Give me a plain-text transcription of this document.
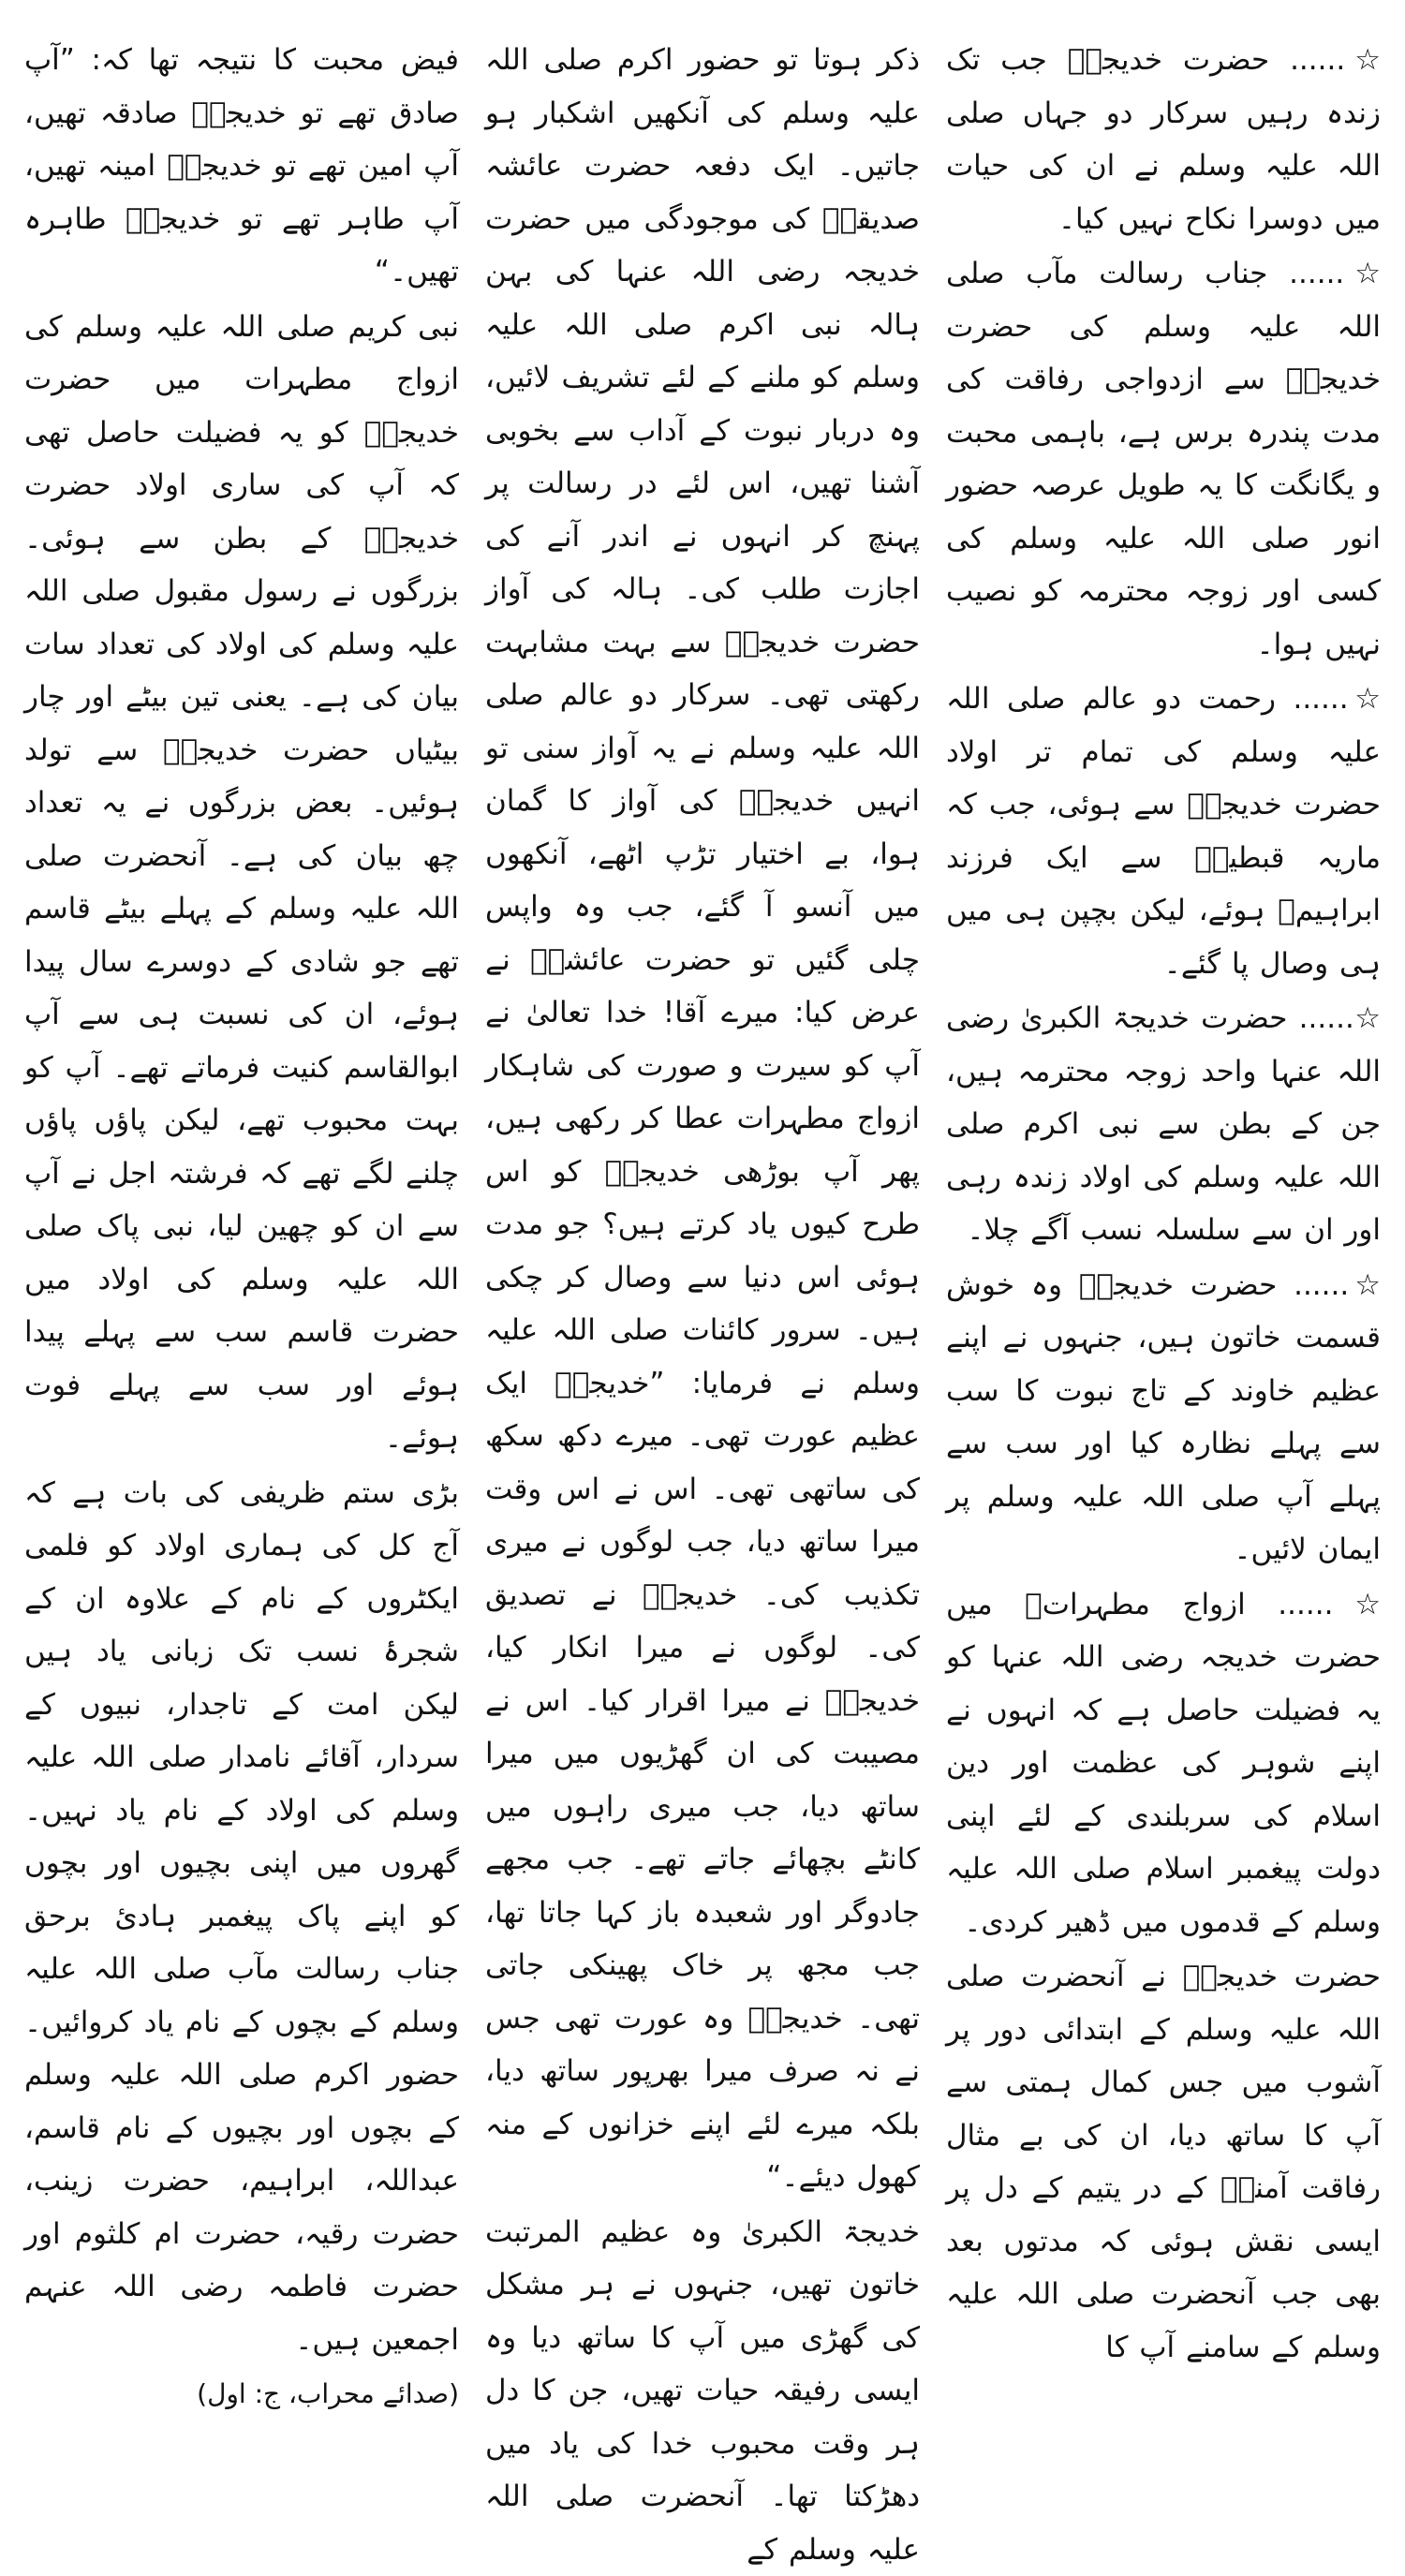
☆...... حضرت خدیجہؓ جب تک زندہ رہیں سرکار دو جہاں صلی اللہ علیہ وسلم نے ان کی حیات میں دوسرا نکاح نہیں کیا۔

☆...... جناب رسالت مآب صلی اللہ علیہ وسلم کی حضرت خدیجہؓ سے ازدواجی رفاقت کی مدت پندرہ برس ہے، باہمی محبت و یگانگت کا یہ طویل عرصہ حضور انور صلی اللہ علیہ وسلم کی کسی اور زوجہ محترمہ کو نصیب نہیں ہوا۔

☆...... رحمت دو عالم صلی اللہ علیہ وسلم کی تمام تر اولاد حضرت خدیجہؓ سے ہوئی، جب کہ ماریہ قبطیہؓ سے ایک فرزند ابراہیمؓ ہوئے، لیکن بچپن ہی میں ہی وصال پا گئے۔

☆...... حضرت خدیجۃ الکبریٰ رضی اللہ عنہا واحد زوجہ محترمہ ہیں، جن کے بطن سے نبی اکرم صلی اللہ علیہ وسلم کی اولاد زندہ رہی اور ان سے سلسلہ نسب آگے چلا۔

☆...... حضرت خدیجہؓ وہ خوش قسمت خاتون ہیں، جنہوں نے اپنے عظیم خاوند کے تاج نبوت کا سب سے پہلے نظارہ کیا اور سب سے پہلے آپ صلی اللہ علیہ وسلم پر ایمان لائیں۔

☆...... ازواج مطہراتؓ میں حضرت خدیجہ رضی اللہ عنہا کو یہ فضیلت حاصل ہے کہ انہوں نے اپنے شوہر کی عظمت اور دین اسلام کی سربلندی کے لئے اپنی دولت پیغمبر اسلام صلی اللہ علیہ وسلم کے قدموں میں ڈھیر کردی۔

حضرت خدیجہؓ نے آنحضرت صلی اللہ علیہ وسلم کے ابتدائی دور پر آشوب میں جس کمال ہمتی سے آپ کا ساتھ دیا، ان کی بے مثال رفاقت آمنہؓ کے در یتیم کے دل پر ایسی نقش ہوئی کہ مدتوں بعد بھی جب آنحضرت صلی اللہ علیہ وسلم کے سامنے آپ کا

ذکر ہوتا تو حضور اکرم صلی اللہ علیہ وسلم کی آنکھیں اشکبار ہو جاتیں۔ ایک دفعہ حضرت عائشہ صدیقہؓ کی موجودگی میں حضرت خدیجہ رضی اللہ عنہا کی بہن ہالہ نبی اکرم صلی اللہ علیہ وسلم کو ملنے کے لئے تشریف لائیں، وہ دربار نبوت کے آداب سے بخوبی آشنا تھیں، اس لئے در رسالت پر پہنچ کر انہوں نے اندر آنے کی اجازت طلب کی۔ ہالہ کی آواز حضرت خدیجہؓ سے بہت مشابہت رکھتی تھی۔ سرکار دو عالم صلی اللہ علیہ وسلم نے یہ آواز سنی تو انہیں خدیجہؓ کی آواز کا گمان ہوا، بے اختیار تڑپ اٹھے، آنکھوں میں آنسو آ گئے، جب وہ واپس چلی گئیں تو حضرت عائشہؓ نے عرض کیا: میرے آقا! خدا تعالیٰ نے آپ کو سیرت و صورت کی شاہکار ازواج مطہرات عطا کر رکھی ہیں، پھر آپ بوڑھی خدیجہؓ کو اس طرح کیوں یاد کرتے ہیں؟ جو مدت ہوئی اس دنیا سے وصال کر چکی ہیں۔ سرور کائنات صلی اللہ علیہ وسلم نے فرمایا: ”خدیجہؓ ایک عظیم عورت تھی۔ میرے دکھ سکھ کی ساتھی تھی۔ اس نے اس وقت میرا ساتھ دیا، جب لوگوں نے میری تکذیب کی۔ خدیجہؓ نے تصدیق کی۔ لوگوں نے میرا انکار کیا، خدیجہؓ نے میرا اقرار کیا۔ اس نے مصیبت کی ان گھڑیوں میں میرا ساتھ دیا، جب میری راہوں میں کانٹے بچھائے جاتے تھے۔ جب مجھے جادوگر اور شعبدہ باز کہا جاتا تھا، جب مجھ پر خاک پھینکی جاتی تھی۔ خدیجہؓ وہ عورت تھی جس نے نہ صرف میرا بھرپور ساتھ دیا، بلکہ میرے لئے اپنے خزانوں کے منہ کھول دیئے۔“

خدیجۃ الکبریٰ وہ عظیم المرتبت خاتون تھیں، جنہوں نے ہر مشکل کی گھڑی میں آپ کا ساتھ دیا وہ ایسی رفیقہ حیات تھیں، جن کا دل ہر وقت محبوب خدا کی یاد میں دھڑکتا تھا۔ آنحضرت صلی اللہ علیہ وسلم کے

فیض محبت کا نتیجہ تھا کہ: ”آپ صادق تھے تو خدیجہؓ صادقہ تھیں، آپ امین تھے تو خدیجہؓ امینہ تھیں، آپ طاہر تھے تو خدیجہؓ طاہرہ تھیں۔“

نبی کریم صلی اللہ علیہ وسلم کی ازواج مطہرات میں حضرت خدیجہؓ کو یہ فضیلت حاصل تھی کہ آپ کی ساری اولاد حضرت خدیجہؓ کے بطن سے ہوئی۔ بزرگوں نے رسول مقبول صلی اللہ علیہ وسلم کی اولاد کی تعداد سات بیان کی ہے۔ یعنی تین بیٹے اور چار بیٹیاں حضرت خدیجہؓ سے تولد ہوئیں۔ بعض بزرگوں نے یہ تعداد چھ بیان کی ہے۔ آنحضرت صلی اللہ علیہ وسلم کے پہلے بیٹے قاسم تھے جو شادی کے دوسرے سال پیدا ہوئے، ان کی نسبت ہی سے آپ ابوالقاسم کنیت فرماتے تھے۔ آپ کو بہت محبوب تھے، لیکن پاؤں پاؤں چلنے لگے تھے کہ فرشتہ اجل نے آپ سے ان کو چھین لیا، نبی پاک صلی اللہ علیہ وسلم کی اولاد میں حضرت قاسم سب سے پہلے پیدا ہوئے اور سب سے پہلے فوت ہوئے۔

بڑی ستم ظریفی کی بات ہے کہ آج کل کی ہماری اولاد کو فلمی ایکٹروں کے نام کے علاوہ ان کے شجرۂ نسب تک زبانی یاد ہیں لیکن امت کے تاجدار، نبیوں کے سردار، آقائے نامدار صلی اللہ علیہ وسلم کی اولاد کے نام یاد نہیں۔ گھروں میں اپنی بچیوں اور بچوں کو اپنے پاک پیغمبر ہادئ برحق جناب رسالت مآب صلی اللہ علیہ وسلم کے بچوں کے نام یاد کروائیں۔ حضور اکرم صلی اللہ علیہ وسلم کے بچوں اور بچیوں کے نام قاسم، عبداللہ، ابراہیم، حضرت زینب، حضرت رقیہ، حضرت ام کلثوم اور حضرت فاطمہ رضی اللہ عنہم اجمعین ہیں۔

(صدائے محراب، ج: اول)
